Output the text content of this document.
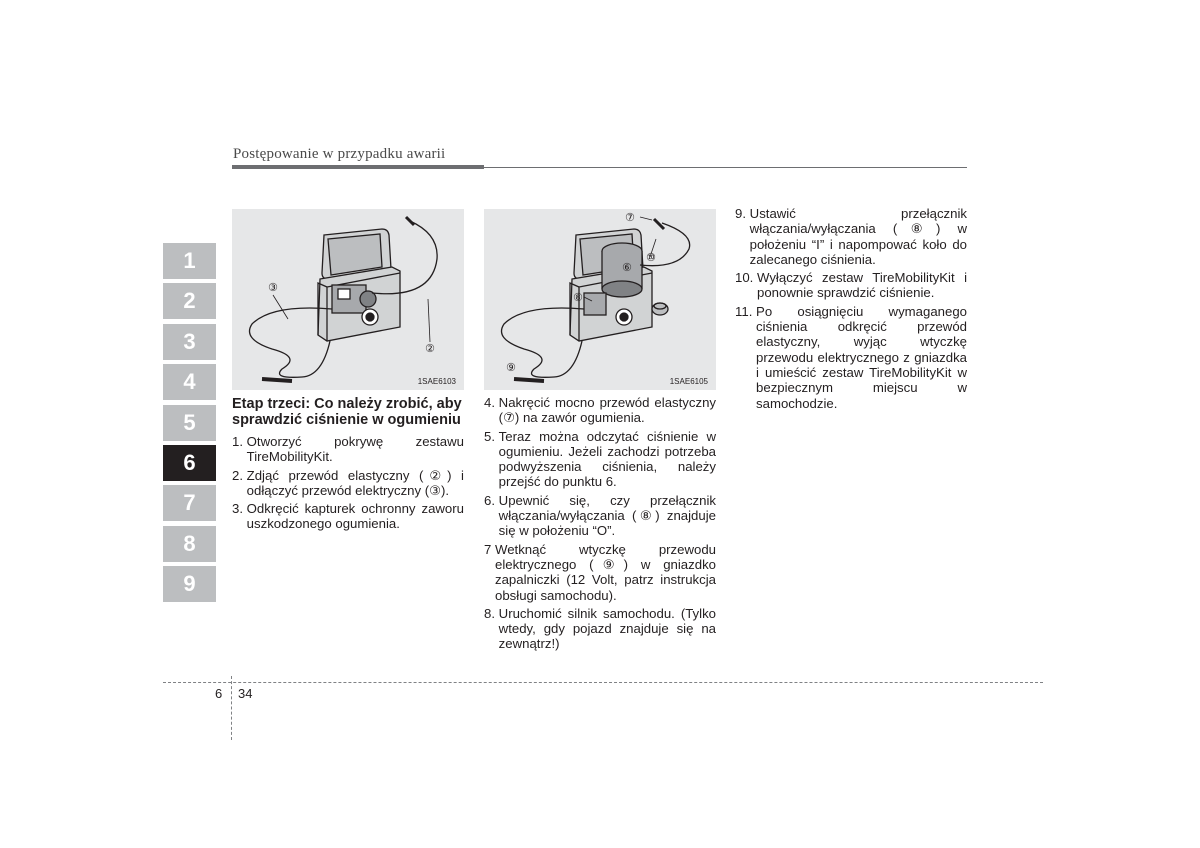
Postępowanie w przypadku awarii
1
2
3
4
5
6
7
8
9
③
②
1SAE6103
⑦
⑥
⑩
⑧
⑨
1SAE6105
Etap trzeci: Co należy zrobić, aby sprawdzić ciśnienie w ogumieniu
1. Otworzyć pokrywę zestawu TireMobilityKit.
2. Zdjąć przewód elastyczny (②) i odłączyć przewód elektryczny (③).
3. Odkręcić kapturek ochronny zaworu uszkodzonego ogumienia.
4. Nakręcić mocno przewód elastyczny (⑦) na zawór ogumienia.
5. Teraz można odczytać ciśnienie w ogumieniu. Jeżeli zachodzi potrzeba podwyższenia ciśnienia, należy przejść do punktu 6.
6. Upewnić się, czy przełącznik włączania/wyłączania (⑧) znajduje się w położeniu “O”.
7 Wetknąć wtyczkę przewodu elektrycznego (⑨) w gniazdko zapalniczki (12 Volt, patrz instrukcja obsługi samochodu).
8. Uruchomić silnik samochodu. (Tylko wtedy, gdy pojazd znajduje się na zewnątrz!)
9. Ustawić przełącznik włączania/wyłączania (⑧) w położeniu “I” i napompować koło do zalecanego ciśnienia.
10. Wyłączyć zestaw TireMobilityKit i ponownie sprawdzić ciśnienie.
11. Po osiągnięciu wymaganego ciśnienia odkręcić przewód elastyczny, wyjąc wtyczkę przewodu elektrycznego z gniazdka i umieścić zestaw TireMobilityKit w bezpiecznym miejscu w samochodzie.
6 34
